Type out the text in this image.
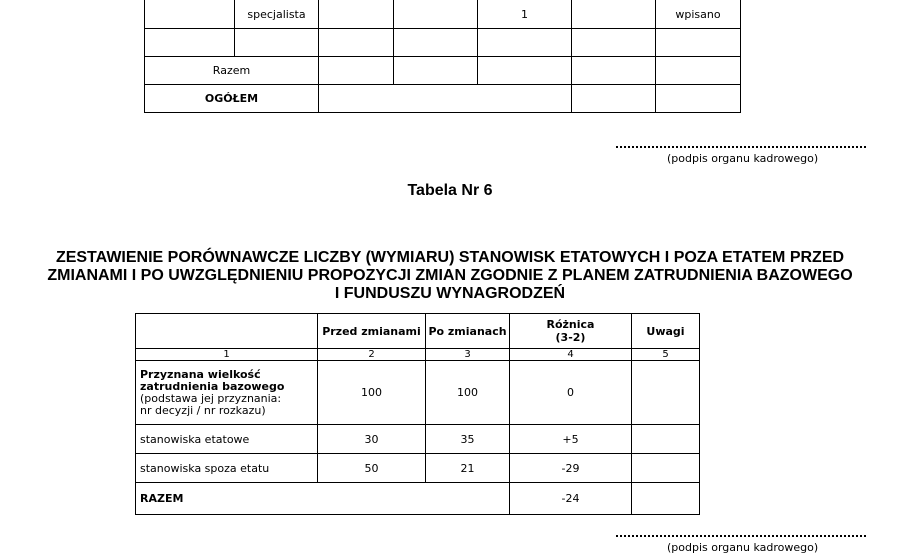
	specjalista			1		wpisano

Razem						
OGÓŁEM						
(podpis organu kadrowego)
Tabela Nr 6
ZESTAWIENIE PORÓWNAWCZE LICZBY (WYMIARU) STANOWISK ETATOWYCH I POZA ETATEM PRZED
ZMIANAMI I PO UWZGLĘDNIENIU PROPOZYCJI ZMIAN ZGODNIE Z PLANEM ZATRUDNIENIA BAZOWEGO
I FUNDUSZU WYNAGRODZEŃ
	Przed zmianami	Po zmianach	Różnica
(3-2)	Uwagi
1	2	3	4	5

Przyznana wielkość
zatrudnienia bazowego
(podstawa jej przyznania:
nr decyzji / nr rozkazu)	100	100	0	
stanowiska etatowe	30	35	+5	
stanowiska spoza etatu	50	21	-29	
RAZEM			-24	
(podpis organu kadrowego)
